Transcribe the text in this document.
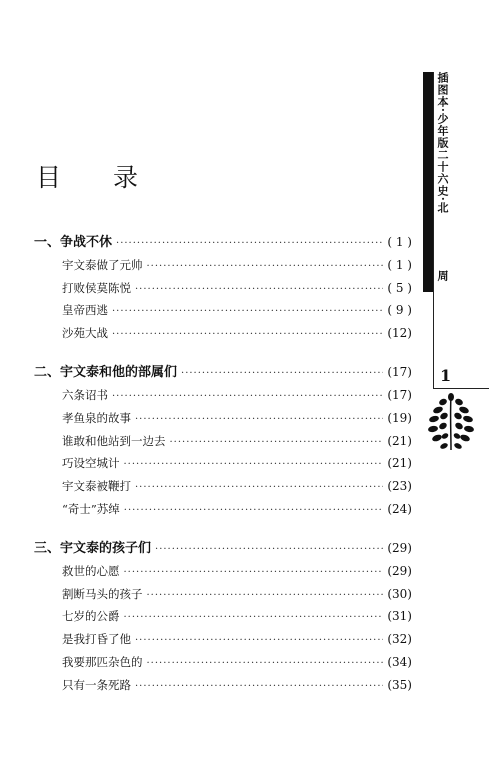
目 录
一、争战不休 ·····	( 1 )
宇文泰做了元帅 ·····	( 1 )
打败侯莫陈悦 ·····	( 5 )
皇帝西逃 ·····	( 9 )
沙苑大战 ·····	(12)
二、宇文泰和他的部属们 ·····	(17)
六条诏书 ·····	(17)
孝鱼泉的故事 ·····	(19)
谁敢和他站到一边去 ·····	(21)
巧设空城计 ·····	(21)
宇文泰被鞭打 ·····	(23)
“奇士”苏绰 ·····	(24)
三、宇文泰的孩子们 ·····	(29)
救世的心愿 ·····	(29)
割断马头的孩子 ·····	(30)
七岁的公爵 ·····	(31)
是我打昏了他 ·····	(32)
我要那匹杂色的 ·····	(34)
只有一条死路 ·····	(35)
插图本·少年版二十六史·北
周
1
